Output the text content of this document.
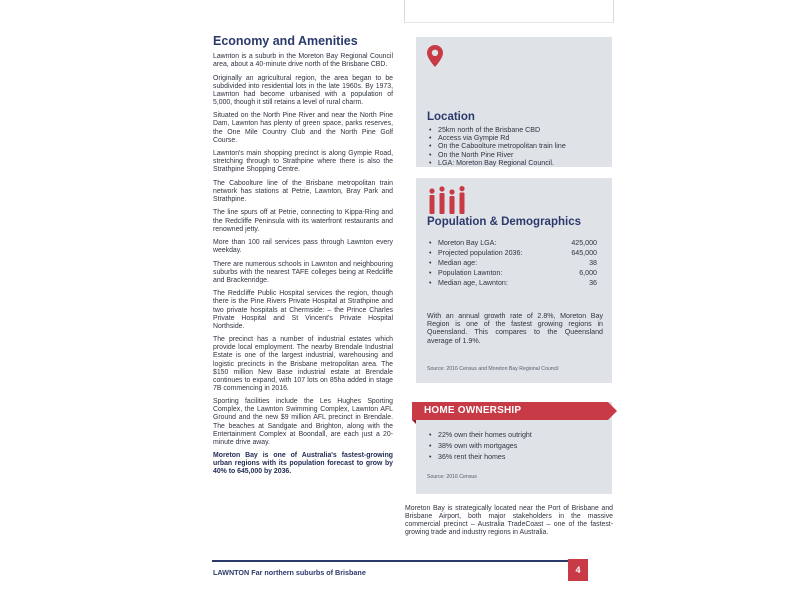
Economy and Amenities

Lawnton is a suburb in the Moreton Bay Regional Council area, about a 40-minute drive north of the Brisbane CBD.

Originally an agricultural region, the area began to be subdivided into residential lots in the late 1960s. By 1973, Lawnton had become urbanised with a population of 5,000, though it still retains a level of rural charm.

Situated on the North Pine River and near the North Pine Dam, Lawnton has plenty of green space, parks reserves, the One Mile Country Club and the North Pine Golf Course.

Lawnton's main shopping precinct is along Gympie Road, stretching through to Strathpine where there is also the Strathpine Shopping Centre.

The Caboolture line of the Brisbane metropolitan train network has stations at Petrie, Lawnton, Bray Park and Strathpine.

The line spurs off at Petrie, connecting to Kippa-Ring and the Redcliffe Peninsula with its waterfront restaurants and renowned jetty.

More than 100 rail services pass through Lawnton every weekday.

There are numerous schools in Lawnton and neighbouring suburbs with the nearest TAFE colleges being at Redcliffe and Brackenridge.

The Redcliffe Public Hospital services the region, though there is the Pine Rivers Private Hospital at Strathpine and two private hospitals at Chermside: – the Prince Charles Private Hospital and St Vincent's Private Hospital Northside.

The precinct has a number of industrial estates which provide local employment. The nearby Brendale Industrial Estate is one of the largest industrial, warehousing and logistic precincts in the Brisbane metropolitan area. The $150 million New Base industrial estate at Brendale continues to expand, with 107 lots on 85ha added in stage 7B commencing in 2016.

Sporting facilities include the Les Hughes Sporting Complex, the Lawnton Swimming Complex, Lawnton AFL Ground and the new $9 million AFL precinct in Brendale. The beaches at Sandgate and Brighton, along with the Entertainment Complex at Boondall, are each just a 20-minute drive away.

Moreton Bay is one of Australia's fastest-growing urban regions with its population forecast to grow by 40% to 645,000 by 2036.

Location
• 25km north of the Brisbane CBD
• Access via Gympie Rd
• On the Caboolture metropolitan train line
• On the North Pine River
• LGA: Moreton Bay Regional Council.
Population & Demographics
• Moreton Bay LGA:	425,000
• Projected population 2036:	645,000
• Median age:	38
• Population Lawnton:	6,000
• Median age, Lawnton:	36

With an annual growth rate of 2.8%, Moreton Bay Region is one of the fastest growing regions in Queensland. This compares to the Queensland average of 1.9%.

Source: 2016 Census and Moreton Bay Regional Council
HOME OWNERSHIP
• 22% own their homes outright
• 38% own with mortgages
• 36% rent their homes
Source: 2016 Census

Moreton Bay is strategically located near the Port of Brisbane and Brisbane Airport, both major stakeholders in the massive commercial precinct – Australia TradeCoast – one of the fastest-growing trade and industry regions in Australia.

LAWNTON Far northern suburbs of Brisbane	4
